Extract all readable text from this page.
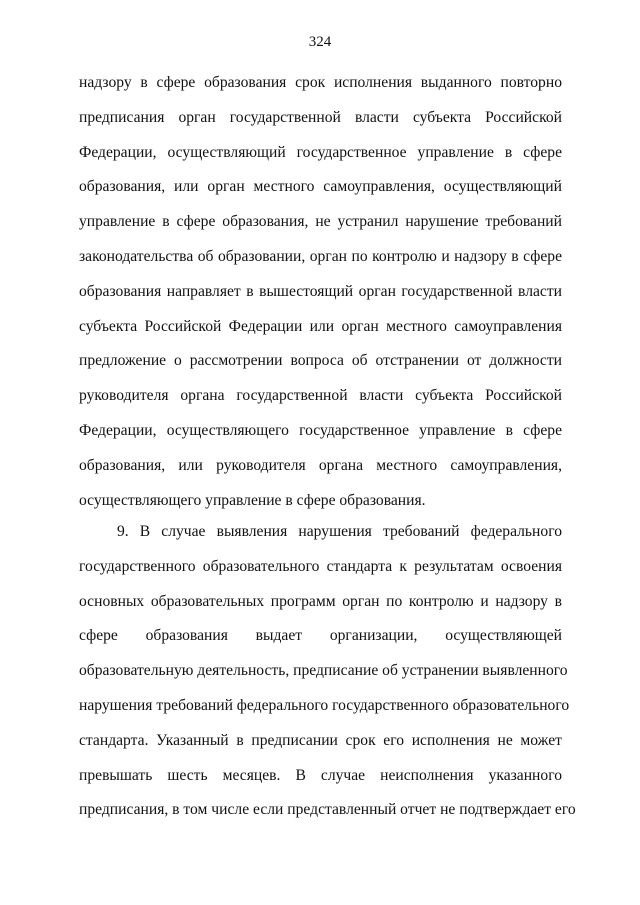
324
надзору в сфере образования срок исполнения выданного повторно
предписания орган государственной власти субъекта Российской
Федерации, осуществляющий государственное управление в сфере
образования, или орган местного самоуправления, осуществляющий
управление в сфере образования, не устранил нарушение требований
законодательства об образовании, орган по контролю и надзору в сфере
образования направляет в вышестоящий орган государственной власти
субъекта Российской Федерации или орган местного самоуправления
предложение о рассмотрении вопроса об отстранении от должности
руководителя органа государственной власти субъекта Российской
Федерации, осуществляющего государственное управление в сфере
образования, или руководителя органа местного самоуправления,
осуществляющего управление в сфере образования.
9. В случае выявления нарушения требований федерального
государственного образовательного стандарта к результатам освоения
основных образовательных программ орган по контролю и надзору в
сфере образования выдает организации, осуществляющей
образовательную деятельность, предписание об устранении выявленного
нарушения требований федерального государственного образовательного
стандарта. Указанный в предписании срок его исполнения не может
превышать шесть месяцев. В случае неисполнения указанного
предписания, в том числе если представленный отчет не подтверждает его
